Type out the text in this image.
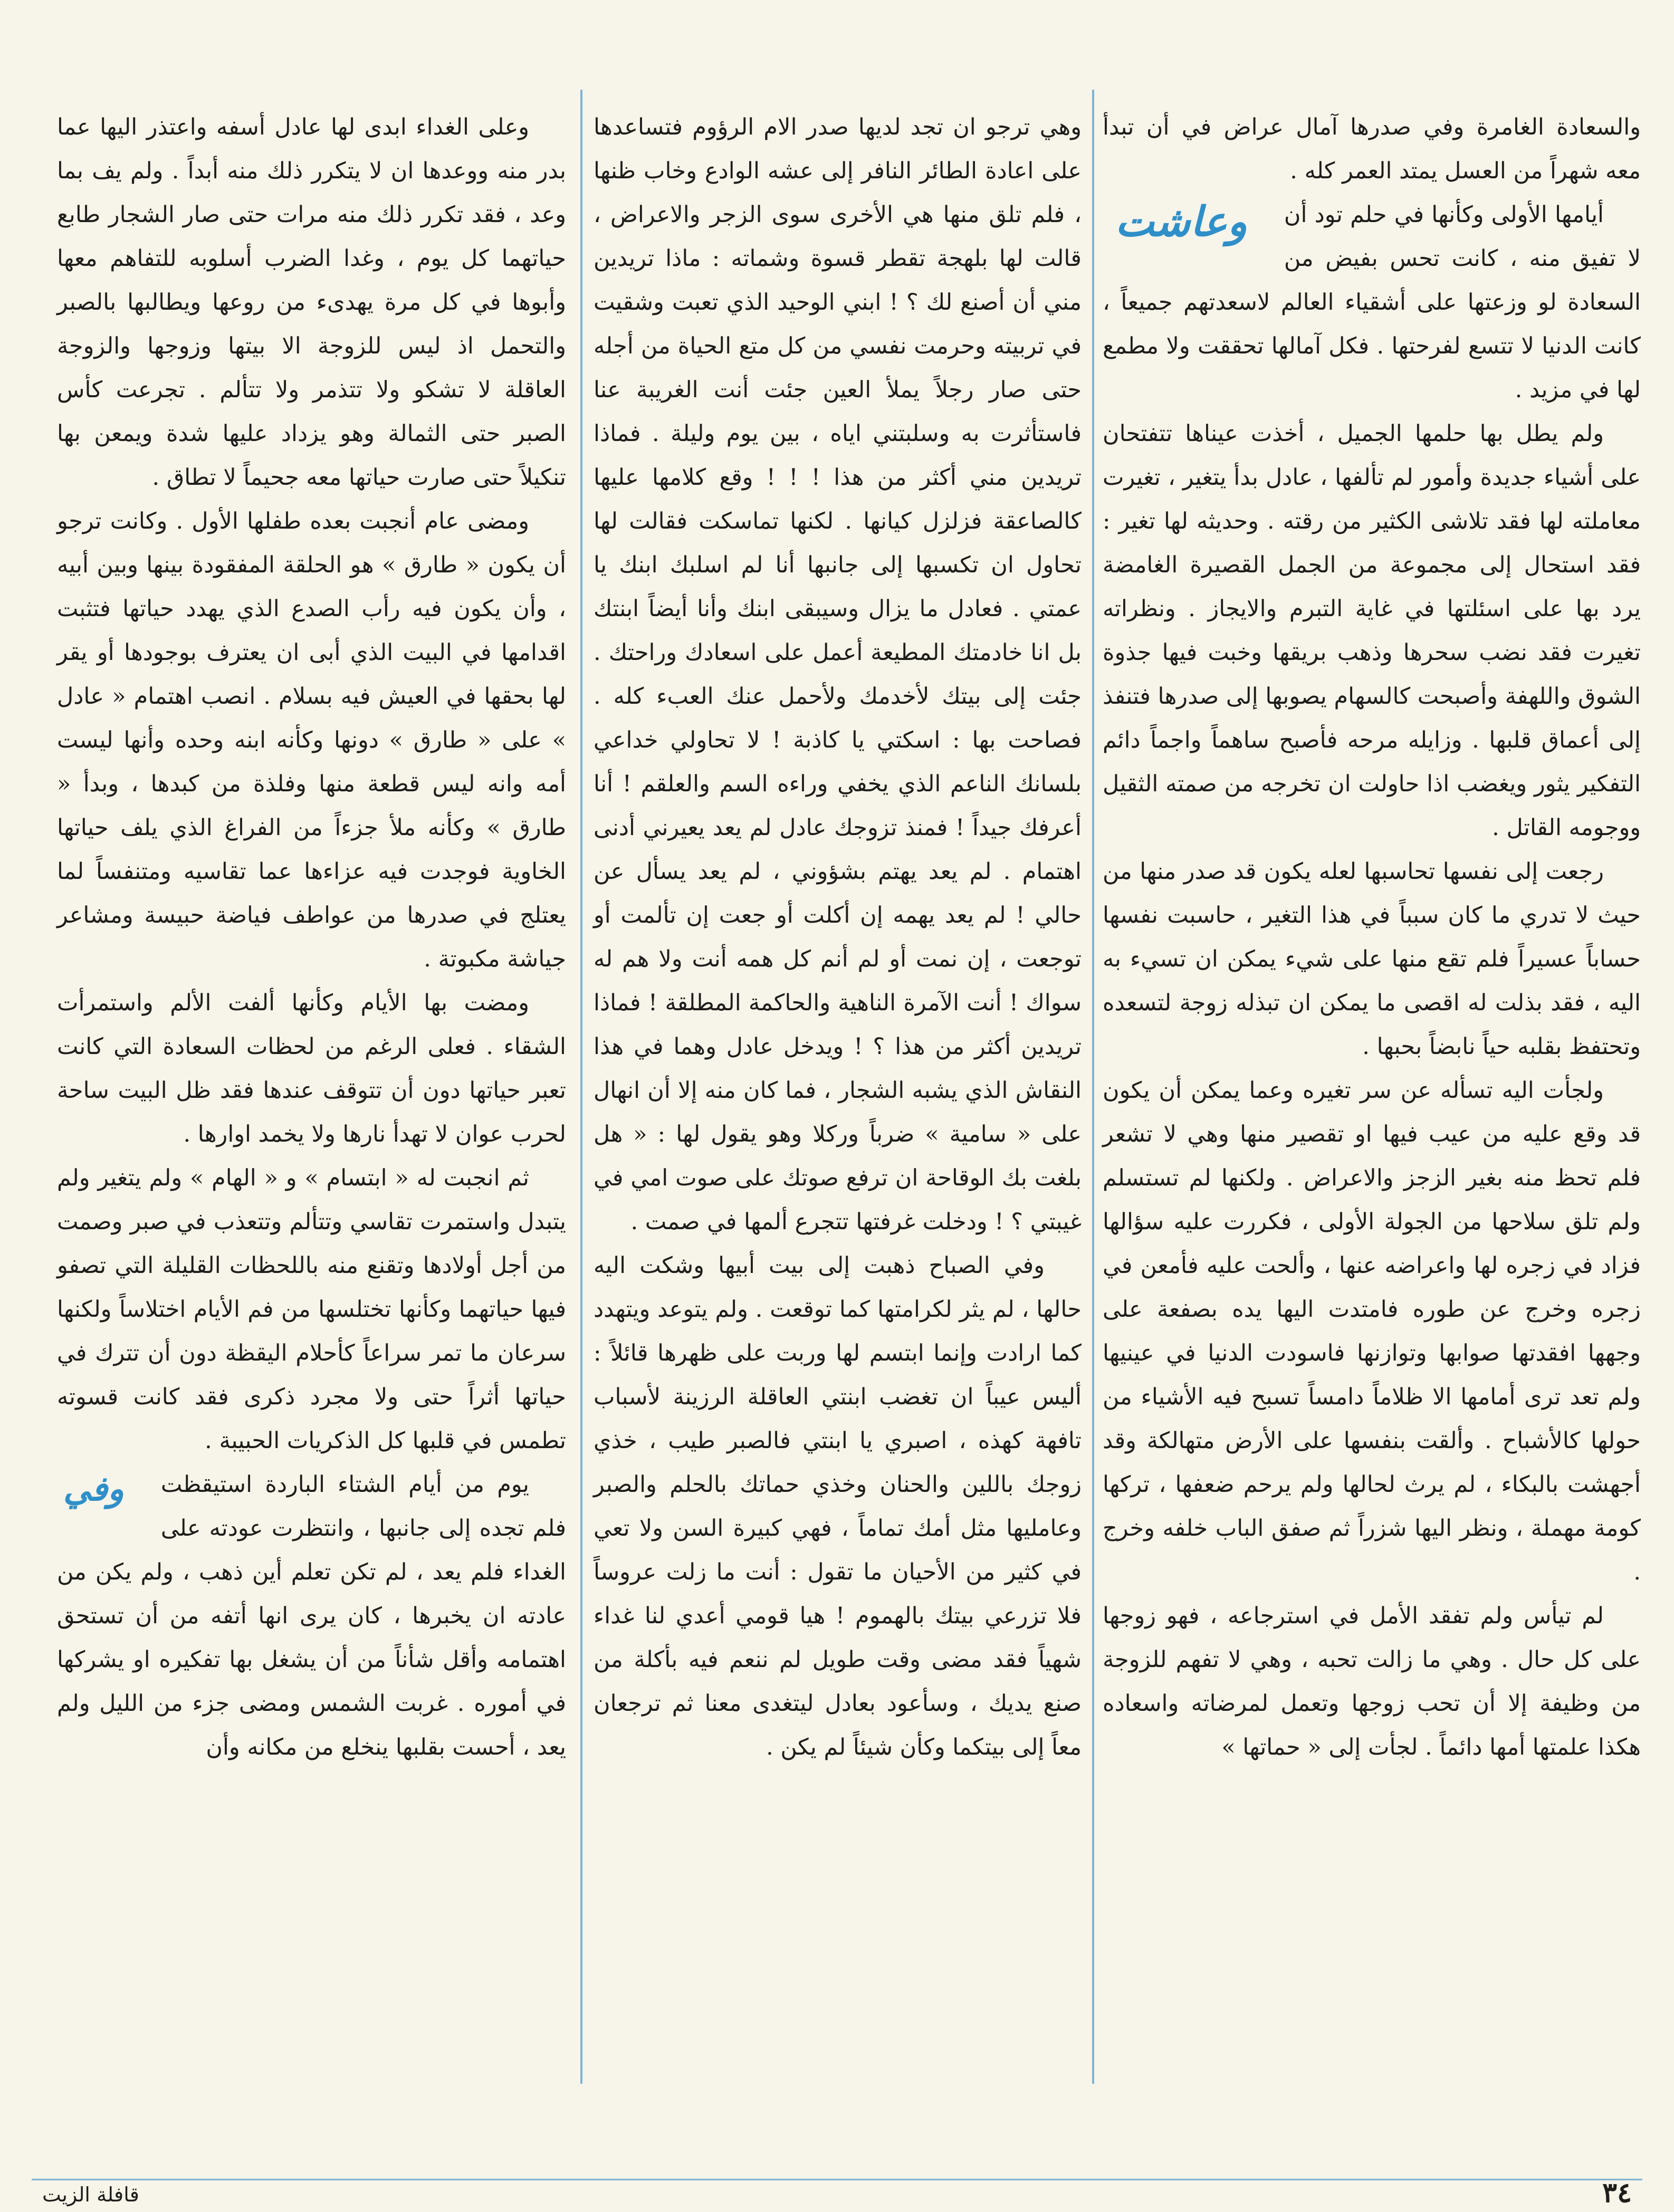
والسعادة الغامرة وفي صدرها آمال عراض في أن تبدأ معه شهراً من العسل يمتد العمر كله .

وعاشت	أيامها الأولى وكأنها في حلم تود أن لا تفيق منه ، كانت تحس بفيض من السعادة لو وزعتها على أشقياء العالم لاسعدتهم جميعاً ، كانت الدنيا لا تتسع لفرحتها . فكل آمالها تحققت ولا مطمع لها في مزيد .

ولم يطل بها حلمها الجميل ، أخذت عيناها تتفتحان على أشياء جديدة وأمور لم تألفها ، عادل بدأ يتغير ، تغيرت معاملته لها فقد تلاشى الكثير من رقته . وحديثه لها تغير : فقد استحال إلى مجموعة من الجمل القصيرة الغامضة يرد بها على اسئلتها في غاية التبرم والايجاز . ونظراته تغيرت فقد نضب سحرها وذهب بريقها وخبت فيها جذوة الشوق واللهفة وأصبحت كالسهام يصوبها إلى صدرها فتنفذ إلى أعماق قلبها . وزايله مرحه فأصبح ساهماً واجماً دائم التفكير يثور ويغضب اذا حاولت ان تخرجه من صمته الثقيل ووجومه القاتل .

رجعت إلى نفسها تحاسبها لعله يكون قد صدر منها من حيث لا تدري ما كان سبباً في هذا التغير ، حاسبت نفسها حساباً عسيراً فلم تقع منها على شيء يمكن ان تسيء به اليه ، فقد بذلت له اقصى ما يمكن ان تبذله زوجة لتسعده وتحتفظ بقلبه حياً نابضاً بحبها .

ولجأت اليه تسأله عن سر تغيره وعما يمكن أن يكون قد وقع عليه من عيب فيها او تقصير منها وهي لا تشعر فلم تحظ منه بغير الزجز والاعراض . ولكنها لم تستسلم ولم تلق سلاحها من الجولة الأولى ، فكررت عليه سؤالها فزاد في زجره لها واعراضه عنها ، وألحت عليه فأمعن في زجره وخرج عن طوره فامتدت اليها يده بصفعة على وجهها افقدتها صوابها وتوازنها فاسودت الدنيا في عينيها ولم تعد ترى أمامها الا ظلاماً دامساً تسبح فيه الأشياء من حولها كالأشباح . وألقت بنفسها على الأرض متهالكة وقد أجهشت بالبكاء ، لم يرث لحالها ولم يرحم ضعفها ، تركها كومة مهملة ، ونظر اليها شزراً ثم صفق الباب خلفه وخرج .

لم تيأس ولم تفقد الأمل في استرجاعه ، فهو زوجها على كل حال . وهي ما زالت تحبه ، وهي لا تفهم للزوجة من وظيفة إلا أن تحب زوجها وتعمل لمرضاته واسعاده هكذا علمتها أمها دائماً . لجأت إلى « حماتها »

وهي ترجو ان تجد لديها صدر الام الرؤوم فتساعدها على اعادة الطائر النافر إلى عشه الوادع وخاب ظنها ، فلم تلق منها هي الأخرى سوى الزجر والاعراض ، قالت لها بلهجة تقطر قسوة وشماته : ماذا تريدين مني أن أصنع لك ؟ ! ابني الوحيد الذي تعبت وشقيت في تربيته وحرمت نفسي من كل متع الحياة من أجله حتى صار رجلاً يملأ العين جئت أنت الغريبة عنا فاستأثرت به وسلبتني اياه ، بين يوم وليلة . فماذا تريدين مني أكثر من هذا ! ! ! وقع كلامها عليها كالصاعقة فزلزل كيانها . لكنها تماسكت فقالت لها تحاول ان تكسبها إلى جانبها أنا لم اسلبك ابنك يا عمتي . فعادل ما يزال وسيبقى ابنك وأنا أيضاً ابنتك بل انا خادمتك المطيعة أعمل على اسعادك وراحتك . جئت إلى بيتك لأخدمك ولأحمل عنك العبء كله . فصاحت بها : اسكتي يا كاذبة ! لا تحاولي خداعي بلسانك الناعم الذي يخفي وراءه السم والعلقم ! أنا أعرفك جيداً ! فمنذ تزوجك عادل لم يعد يعيرني أدنى اهتمام . لم يعد يهتم بشؤوني ، لم يعد يسأل عن حالي ! لم يعد يهمه إن أكلت أو جعت إن تألمت أو توجعت ، إن نمت أو لم أنم كل همه أنت ولا هم له سواك ! أنت الآمرة الناهية والحاكمة المطلقة ! فماذا تريدين أكثر من هذا ؟ ! ويدخل عادل وهما في هذا النقاش الذي يشبه الشجار ، فما كان منه إلا أن انهال على « سامية » ضرباً وركلا وهو يقول لها : « هل بلغت بك الوقاحة ان ترفع صوتك على صوت امي في غيبتي ؟ ! ودخلت غرفتها تتجرع ألمها في صمت .

وفي الصباح ذهبت إلى بيت أبيها وشكت اليه حالها ، لم يثر لكرامتها كما توقعت . ولم يتوعد ويتهدد كما ارادت وإنما ابتسم لها وربت على ظهرها قائلاً : أليس عيباً ان تغضب ابنتي العاقلة الرزينة لأسباب تافهة كهذه ، اصبري يا ابنتي فالصبر طيب ، خذي زوجك باللين والحنان وخذي حماتك بالحلم والصبر وعامليها مثل أمك تماماً ، فهي كبيرة السن ولا تعي في كثير من الأحيان ما تقول : أنت ما زلت عروساً فلا تزرعي بيتك بالهموم ! هيا قومي أعدي لنا غداء شهياً فقد مضى وقت طويل لم ننعم فيه بأكلة من صنع يديك ، وسأعود بعادل ليتغدى معنا ثم ترجعان معاً إلى بيتكما وكأن شيئاً لم يكن .

وعلى الغداء ابدى لها عادل أسفه واعتذر اليها عما بدر منه ووعدها ان لا يتكرر ذلك منه أبداً . ولم يف بما وعد ، فقد تكرر ذلك منه مرات حتى صار الشجار طابع حياتهما كل يوم ، وغدا الضرب أسلوبه للتفاهم معها وأبوها في كل مرة يهدىء من روعها ويطالبها بالصبر والتحمل اذ ليس للزوجة الا بيتها وزوجها والزوجة العاقلة لا تشكو ولا تتذمر ولا تتألم . تجرعت كأس الصبر حتى الثمالة وهو يزداد عليها شدة ويمعن بها تنكيلاً حتى صارت حياتها معه جحيماً لا تطاق .

ومضى عام أنجبت بعده طفلها الأول . وكانت ترجو أن يكون « طارق » هو الحلقة المفقودة بينها وبين أبيه ، وأن يكون فيه رأب الصدع الذي يهدد حياتها فتثبت اقدامها في البيت الذي أبى ان يعترف بوجودها أو يقر لها بحقها في العيش فيه بسلام . انصب اهتمام « عادل » على « طارق » دونها وكأنه ابنه وحده وأنها ليست أمه وانه ليس قطعة منها وفلذة من كبدها ، وبدأ « طارق » وكأنه ملأ جزءاً من الفراغ الذي يلف حياتها الخاوية فوجدت فيه عزاءها عما تقاسيه ومتنفساً لما يعتلج في صدرها من عواطف فياضة حبيسة ومشاعر جياشة مكبوتة .

ومضت بها الأيام وكأنها ألفت الألم واستمرأت الشقاء . فعلى الرغم من لحظات السعادة التي كانت تعبر حياتها دون أن تتوقف عندها فقد ظل البيت ساحة لحرب عوان لا تهدأ نارها ولا يخمد اوارها .

ثم انجبت له « ابتسام » و « الهام » ولم يتغير ولم يتبدل واستمرت تقاسي وتتألم وتتعذب في صبر وصمت من أجل أولادها وتقنع منه باللحظات القليلة التي تصفو فيها حياتهما وكأنها تختلسها من فم الأيام اختلاساً ولكنها سرعان ما تمر سراعاً كأحلام اليقظة دون أن تترك في حياتها أثراً حتى ولا مجرد ذكرى فقد كانت قسوته تطمس في قلبها كل الذكريات الحبيبة .

وفي	يوم من أيام الشتاء الباردة استيقظت فلم تجده إلى جانبها ، وانتظرت عودته على الغداء فلم يعد ، لم تكن تعلم أين ذهب ، ولم يكن من عادته ان يخبرها ، كان يرى انها أتفه من أن تستحق اهتمامه وأقل شأناً من أن يشغل بها تفكيره او يشركها في أموره . غربت الشمس ومضى جزء من الليل ولم يعد ، أحست بقلبها ينخلع من مكانه وأن

قافلة الزيت	٣٤
